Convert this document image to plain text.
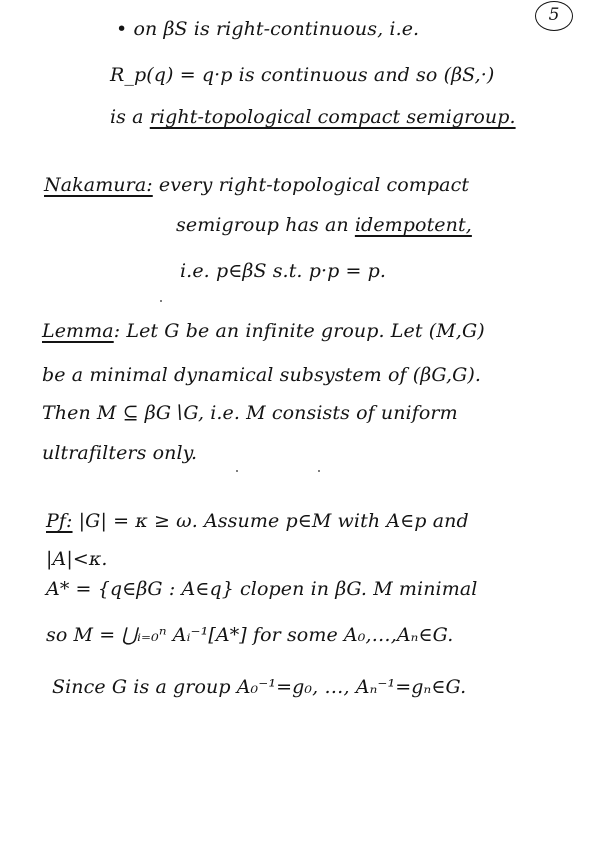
5
• on βS is right-continuous, i.e.
R_p(q) = q·p is continuous and so (βS,·)
is a right-topological compact semigroup.
Nakamura: every right-topological compact
semigroup has an idempotent,
i.e. p∈βS s.t. p·p = p.
Lemma: Let G be an infinite group. Let (M,G)
be a minimal dynamical subsystem of (βG,G).
Then M ⊆ βG∖G, i.e. M consists of uniform
ultrafilters only.
Pf: |G| = κ ≥ ω. Assume p∈M with A∈p and
|A|<κ.
A* = {q∈βG : A∈q} clopen in βG. M minimal
so M = ⋃ᵢ₌₀ⁿ Aᵢ⁻¹[A*] for some A₀,…,Aₙ∈G.
Since G is a group A₀⁻¹=g₀, …, Aₙ⁻¹=gₙ∈G.
